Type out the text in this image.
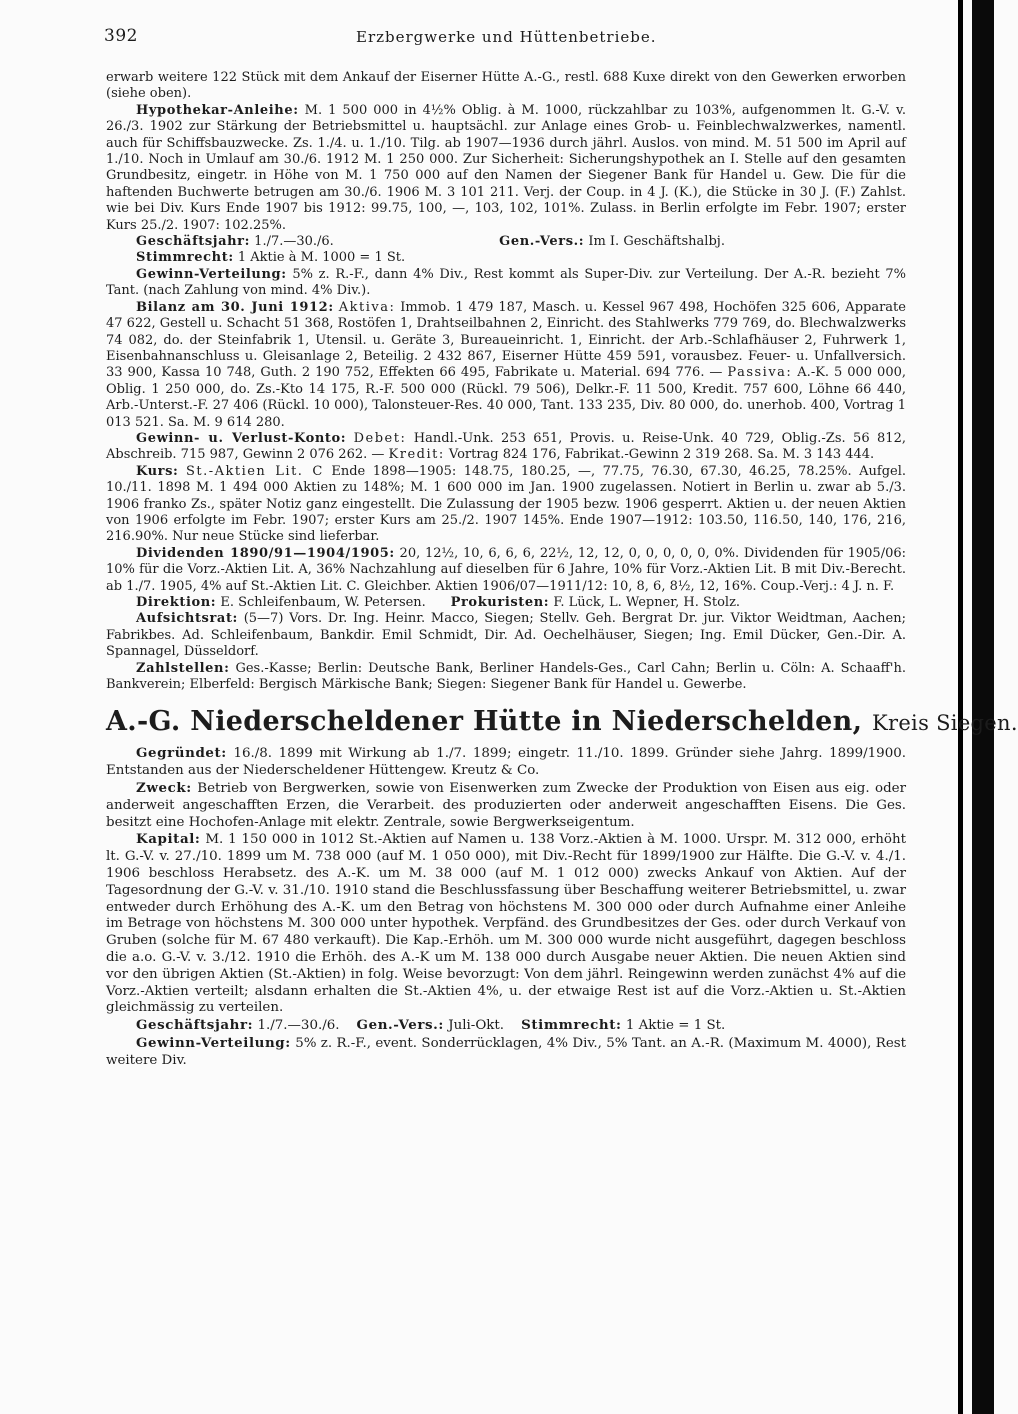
392	Erzbergwerke und Hüttenbetriebe.

erwarb weitere 122 Stück mit dem Ankauf der Eiserner Hütte A.-G., restl. 688 Kuxe direkt von den Gewerken erworben (siehe oben).

Hypothekar-Anleihe: M. 1 500 000 in 4½% Oblig. à M. 1000, rückzahlbar zu 103%, aufgenommen lt. G.-V. v. 26./3. 1902 zur Stärkung der Betriebsmittel u. hauptsächl. zur Anlage eines Grob- u. Feinblechwalzwerkes, namentl. auch für Schiffsbauzwecke. Zs. 1./4. u. 1./10. Tilg. ab 1907—1936 durch jährl. Auslos. von mind. M. 51 500 im April auf 1./10. Noch in Umlauf am 30./6. 1912 M. 1 250 000. Zur Sicherheit: Sicherungshypothek an I. Stelle auf den gesamten Grundbesitz, eingetr. in Höhe von M. 1 750 000 auf den Namen der Siegener Bank für Handel u. Gew. Die für die haftenden Buchwerte betrugen am 30./6. 1906 M. 3 101 211. Verj. der Coup. in 4 J. (K.), die Stücke in 30 J. (F.) Zahlst. wie bei Div. Kurs Ende 1907 bis 1912: 99.75, 100, —, 103, 102, 101%. Zulass. in Berlin erfolgte im Febr. 1907; erster Kurs 25./2. 1907: 102.25%.

Geschäftsjahr: 1./7.—30./6.	Gen.-Vers.: Im I. Geschäftshalbj.

Stimmrecht: 1 Aktie à M. 1000 = 1 St.

Gewinn-Verteilung: 5% z. R.-F., dann 4% Div., Rest kommt als Super-Div. zur Verteilung. Der A.-R. bezieht 7% Tant. (nach Zahlung von mind. 4% Div.).

Bilanz am 30. Juni 1912: Aktiva: Immob. 1 479 187, Masch. u. Kessel 967 498, Hochöfen 325 606, Apparate 47 622, Gestell u. Schacht 51 368, Rostöfen 1, Drahtseilbahnen 2, Einricht. des Stahlwerks 779 769, do. Blechwalzwerks 74 082, do. der Steinfabrik 1, Utensil. u. Geräte 3, Bureaueinricht. 1, Einricht. der Arb.-Schlafhäuser 2, Fuhrwerk 1, Eisenbahnanschluss u. Gleisanlage 2, Beteilig. 2 432 867, Eiserner Hütte 459 591, vorausbez. Feuer- u. Unfallversich. 33 900, Kassa 10 748, Guth. 2 190 752, Effekten 66 495, Fabrikate u. Material. 694 776. — Passiva: A.-K. 5 000 000, Oblig. 1 250 000, do. Zs.-Kto 14 175, R.-F. 500 000 (Rückl. 79 506), Delkr.-F. 11 500, Kredit. 757 600, Löhne 66 440, Arb.-Unterst.-F. 27 406 (Rückl. 10 000), Talonsteuer-Res. 40 000, Tant. 133 235, Div. 80 000, do. unerhob. 400, Vortrag 1 013 521. Sa. M. 9 614 280.

Gewinn- u. Verlust-Konto: Debet: Handl.-Unk. 253 651, Provis. u. Reise-Unk. 40 729, Oblig.-Zs. 56 812, Abschreib. 715 987, Gewinn 2 076 262. — Kredit: Vortrag 824 176, Fabrikat.-Gewinn 2 319 268. Sa. M. 3 143 444.

Kurs: St.-Aktien Lit. C Ende 1898—1905: 148.75, 180.25, —, 77.75, 76.30, 67.30, 46.25, 78.25%. Aufgel. 10./11. 1898 M. 1 494 000 Aktien zu 148%; M. 1 600 000 im Jan. 1900 zugelassen. Notiert in Berlin u. zwar ab 5./3. 1906 franko Zs., später Notiz ganz eingestellt. Die Zulassung der 1905 bezw. 1906 gesperrt. Aktien u. der neuen Aktien von 1906 erfolgte im Febr. 1907; erster Kurs am 25./2. 1907 145%. Ende 1907—1912: 103.50, 116.50, 140, 176, 216, 216.90%. Nur neue Stücke sind lieferbar.

Dividenden 1890/91—1904/1905: 20, 12½, 10, 6, 6, 6, 22½, 12, 12, 0, 0, 0, 0, 0, 0%. Dividenden für 1905/06: 10% für die Vorz.-Aktien Lit. A, 36% Nachzahlung auf dieselben für 6 Jahre, 10% für Vorz.-Aktien Lit. B mit Div.-Berecht. ab 1./7. 1905, 4% auf St.-Aktien Lit. C. Gleichber. Aktien 1906/07—1911/12: 10, 8, 6, 8½, 12, 16%. Coup.-Verj.: 4 J. n. F.

Direktion: E. Schleifenbaum, W. Petersen. Prokuristen: F. Lück, L. Wepner, H. Stolz.

Aufsichtsrat: (5—7) Vors. Dr. Ing. Heinr. Macco, Siegen; Stellv. Geh. Bergrat Dr. jur. Viktor Weidtman, Aachen; Fabrikbes. Ad. Schleifenbaum, Bankdir. Emil Schmidt, Dir. Ad. Oechelhäuser, Siegen; Ing. Emil Dücker, Gen.-Dir. A. Spannagel, Düsseldorf.

Zahlstellen: Ges.-Kasse; Berlin: Deutsche Bank, Berliner Handels-Ges., Carl Cahn; Berlin u. Cöln: A. Schaaff'h. Bankverein; Elberfeld: Bergisch Märkische Bank; Siegen: Siegener Bank für Handel u. Gewerbe.

A.-G. Niederscheldener Hütte in Niederschelden, Kreis Siegen.

Gegründet: 16./8. 1899 mit Wirkung ab 1./7. 1899; eingetr. 11./10. 1899. Gründer siehe Jahrg. 1899/1900. Entstanden aus der Niederscheldener Hüttengew. Kreutz & Co.

Zweck: Betrieb von Bergwerken, sowie von Eisenwerken zum Zwecke der Produktion von Eisen aus eig. oder anderweit angeschafften Erzen, die Verarbeit. des produzierten oder anderweit angeschafften Eisens. Die Ges. besitzt eine Hochofen-Anlage mit elektr. Zentrale, sowie Bergwerkseigentum.

Kapital: M. 1 150 000 in 1012 St.-Aktien auf Namen u. 138 Vorz.-Aktien à M. 1000. Urspr. M. 312 000, erhöht lt. G.-V. v. 27./10. 1899 um M. 738 000 (auf M. 1 050 000), mit Div.-Recht für 1899/1900 zur Hälfte. Die G.-V. v. 4./1. 1906 beschloss Herabsetz. des A.-K. um M. 38 000 (auf M. 1 012 000) zwecks Ankauf von Aktien. Auf der Tagesordnung der G.-V. v. 31./10. 1910 stand die Beschlussfassung über Beschaffung weiterer Betriebsmittel, u. zwar entweder durch Erhöhung des A.-K. um den Betrag von höchstens M. 300 000 oder durch Aufnahme einer Anleihe im Betrage von höchstens M. 300 000 unter hypothek. Verpfänd. des Grundbesitzes der Ges. oder durch Verkauf von Gruben (solche für M. 67 480 verkauft). Die Kap.-Erhöh. um M. 300 000 wurde nicht ausgeführt, dagegen beschloss die a.o. G.-V. v. 3./12. 1910 die Erhöh. des A.-K um M. 138 000 durch Ausgabe neuer Aktien. Die neuen Aktien sind vor den übrigen Aktien (St.-Aktien) in folg. Weise bevorzugt: Von dem jährl. Reingewinn werden zunächst 4% auf die Vorz.-Aktien verteilt; alsdann erhalten die St.-Aktien 4%, u. der etwaige Rest ist auf die Vorz.-Aktien u. St.-Aktien gleichmässig zu verteilen.

Geschäftsjahr: 1./7.—30./6. Gen.-Vers.: Juli-Okt. Stimmrecht: 1 Aktie = 1 St.

Gewinn-Verteilung: 5% z. R.-F., event. Sonderrücklagen, 4% Div., 5% Tant. an A.-R. (Maximum M. 4000), Rest weitere Div.
